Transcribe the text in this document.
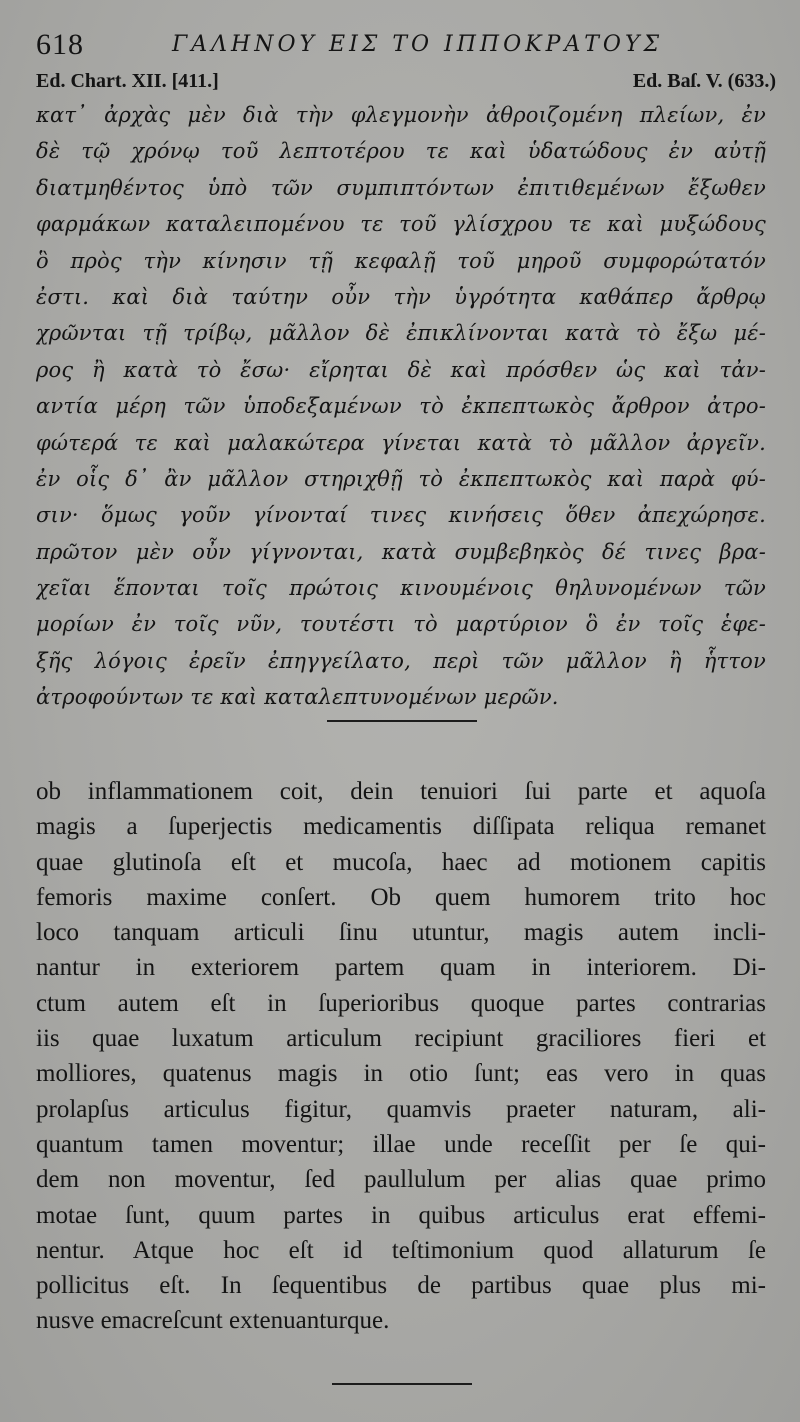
618	ΓΑΛΗΝΟΥ ΕΙΣ ΤΟ ΙΠΠΟΚΡΑΤΟΥΣ
Ed. Chart. XII. [411.]	Ed. Baſ. V. (633.)
κατ᾽ ἀρχὰς μὲν διὰ τὴν φλεγμονὴν ἀθροιζομένη πλείων, ἐν
δὲ τῷ χρόνῳ τοῦ λεπτοτέρου τε καὶ ὑδατώδους ἐν αὐτῇ
διατμηθέντος ὑπὸ τῶν συμπιπτόντων ἐπιτιθεμένων ἔξωθεν
φαρμάκων καταλειπομένου τε τοῦ γλίσχρου τε καὶ μυξώδους
ὃ πρὸς τὴν κίνησιν τῇ κεφαλῇ τοῦ μηροῦ συμφορώτατόν
ἐστι. καὶ διὰ ταύτην οὖν τὴν ὑγρότητα καθάπερ ἄρθρῳ
χρῶνται τῇ τρίβῳ, μᾶλλον δὲ ἐπικλίνονται κατὰ τὸ ἔξω μέ-
ρος ἢ κατὰ τὸ ἔσω· εἴρηται δὲ καὶ πρόσθεν ὡς καὶ τἀν-
αντία μέρη τῶν ὑποδεξαμένων τὸ ἐκπεπτωκὸς ἄρθρον ἀτρο-
φώτερά τε καὶ μαλακώτερα γίνεται κατὰ τὸ μᾶλλον ἀργεῖν.
ἐν οἷς δ᾽ ἂν μᾶλλον στηριχθῇ τὸ ἐκπεπτωκὸς καὶ παρὰ φύ-
σιν· ὅμως γοῦν γίνονταί τινες κινήσεις ὅθεν ἀπεχώρησε.
πρῶτον μὲν οὖν γίγνονται, κατὰ συμβεβηκὸς δέ τινες βρα-
χεῖαι ἕπονται τοῖς πρώτοις κινουμένοις θηλυνομένων τῶν
μορίων ἐν τοῖς νῦν, τουτέστι τὸ μαρτύριον ὃ ἐν τοῖς ἑφε-
ξῆς λόγοις ἐρεῖν ἐπηγγείλατο, περὶ τῶν μᾶλλον ἢ ἧττον
ἀτροφούντων τε καὶ καταλεπτυνομένων μερῶν.
ob inflammationem coit, dein tenuiori ſui parte et aquoſa
magis a ſuperjectis medicamentis diſſipata reliqua remanet
quae glutinoſa eſt et mucoſa, haec ad motionem capitis
femoris maxime conſert. Ob quem humorem trito hoc
loco tanquam articuli ſinu utuntur, magis autem incli-
nantur in exteriorem partem quam in interiorem. Di-
ctum autem eſt in ſuperioribus quoque partes contrarias
iis quae luxatum articulum recipiunt graciliores fieri et
molliores, quatenus magis in otio ſunt; eas vero in quas
prolapſus articulus figitur, quamvis praeter naturam, ali-
quantum tamen moventur; illae unde receſſit per ſe qui-
dem non moventur, ſed paullulum per alias quae primo
motae ſunt, quum partes in quibus articulus erat effemi-
nentur. Atque hoc eſt id teſtimonium quod allaturum ſe
pollicitus eſt. In ſequentibus de partibus quae plus mi-
nusve emacreſcunt extenuanturque.
